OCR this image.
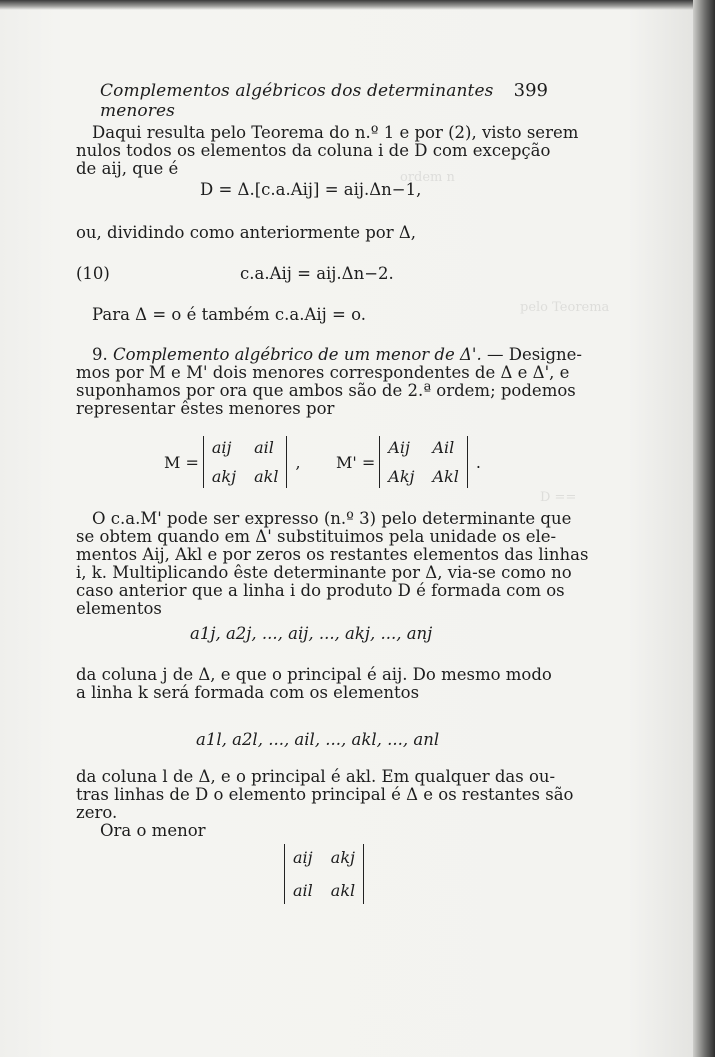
ordem n
pelo Teorema
D ==
Complementos algébricos dos determinantes menores
399
Daqui resulta pelo Teorema do n.º 1 e por (2), visto serem
nulos todos os elementos da coluna i de D com excepção
de aij, que é
D = Δ.[c.a.Aij] = aij.Δn−1,
ou, dividindo como anteriormente por Δ,
(10)	c.a.Aij = aij.Δn−2.
Para Δ = o é também c.a.Aij = o.
9. Complemento algébrico de um menor de Δ'. — Designe-
mos por M e M' dois menores correspondentes de Δ e Δ', e
suponhamos por ora que ambos são de 2.ª ordem; podemos
representar êstes menores por
M =
aij ail
akj akl
, M' =
Aij Ail
Akj Akl
.
O c.a.M' pode ser expresso (n.º 3) pelo determinante que
se obtem quando em Δ' substituimos pela unidade os ele-
mentos Aij, Akl e por zeros os restantes elementos das linhas
i, k. Multiplicando êste determinante por Δ, via-se como no
caso anterior que a linha i do produto D é formada com os
elementos
a1j, a2j, ..., aij, ..., akj, ..., anj
da coluna j de Δ, e que o principal é aij. Do mesmo modo
a linha k será formada com os elementos
a1l, a2l, ..., ail, ..., akl, ..., anl
da coluna l de Δ, e o principal é akl. Em qualquer das ou-
tras linhas de D o elemento principal é Δ e os restantes são
zero.
Ora o menor
aij akj
ail akl
